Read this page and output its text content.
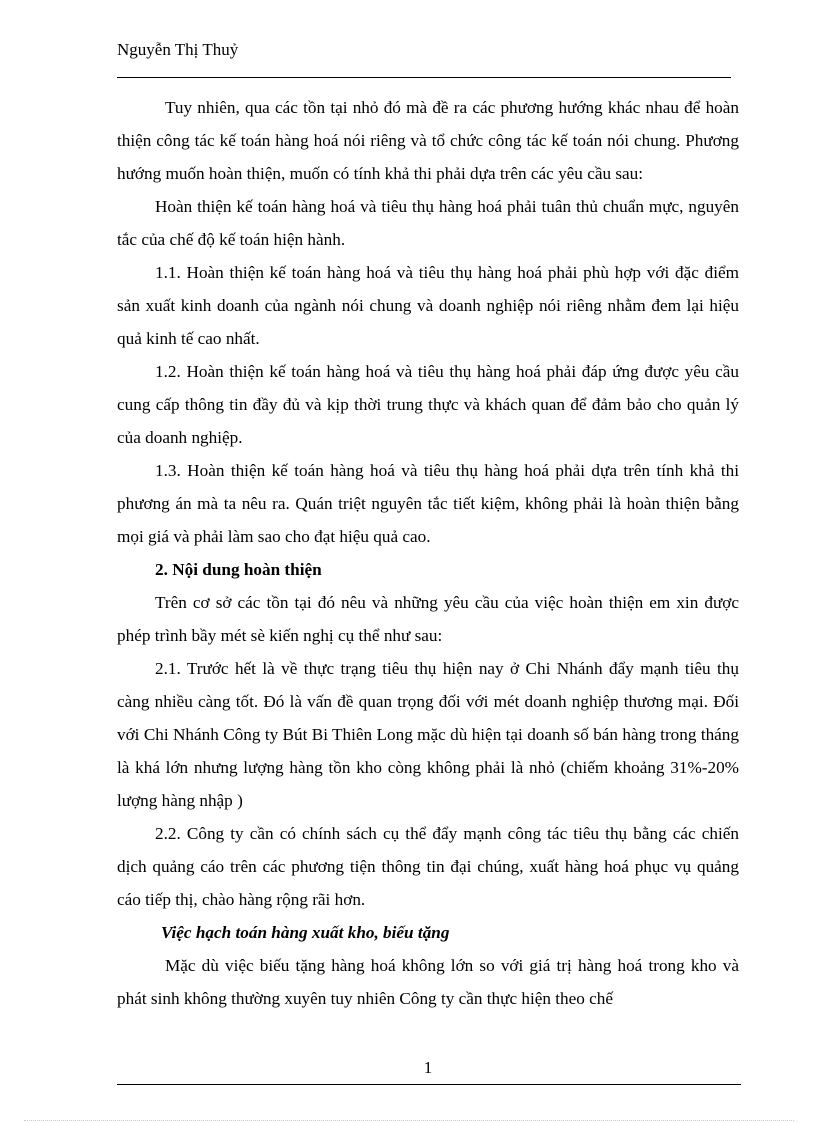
Nguyễn Thị Thuỷ

Tuy nhiên, qua các tồn tại nhỏ đó mà đề ra các phương hướng khác nhau để hoàn thiện công tác kế toán hàng hoá nói riêng và tổ chức công tác kế toán nói chung. Phương hướng muốn hoàn thiện, muốn có tính khả thi phải dựa trên các yêu cầu sau:

Hoàn thiện kế toán hàng hoá và tiêu thụ hàng hoá phải tuân thủ chuẩn mực, nguyên tắc của chế độ kế toán hiện hành.

1.1. Hoàn thiện kế toán hàng hoá và tiêu thụ hàng hoá phải phù hợp với đặc điểm sản xuất kinh doanh của ngành nói chung và doanh nghiệp nói riêng nhằm đem lại hiệu quả kinh tế cao nhất.

1.2. Hoàn thiện kế toán hàng hoá và tiêu thụ hàng hoá phải đáp ứng được yêu cầu cung cấp thông tin đầy đủ và kịp thời trung thực và khách quan để đảm bảo cho quản lý của doanh nghiệp.

1.3. Hoàn thiện kế toán hàng hoá và tiêu thụ hàng hoá phải dựa trên tính khả thi phương án mà ta nêu ra. Quán triệt nguyên tắc tiết kiệm, không phải là hoàn thiện bằng mọi giá và phải làm sao cho đạt hiệu quả cao.

2. Nội dung hoàn thiện

Trên cơ sở các tồn tại đó nêu và những yêu cầu của việc hoàn thiện em xin được phép trình bầy mét sè kiến nghị cụ thể như sau:

2.1. Trước hết là về thực trạng tiêu thụ hiện nay ở Chi Nhánh đẩy mạnh tiêu thụ càng nhiều càng tốt. Đó là vấn đề quan trọng đối với mét doanh nghiệp thương mại. Đối với Chi Nhánh Công ty Bút Bi Thiên Long mặc dù hiện tại doanh số bán hàng trong tháng là khá lớn nhưng lượng hàng tồn kho còng không phải là nhỏ (chiếm khoảng 31%-20% lượng hàng nhập )

2.2. Công ty cần có chính sách cụ thể đẩy mạnh công tác tiêu thụ bằng các chiến dịch quảng cáo trên các phương tiện thông tin đại chúng, xuất hàng hoá phục vụ quảng cáo tiếp thị, chào hàng rộng rãi hơn.

Việc hạch toán hàng xuất kho, biếu tặng

Mặc dù việc biếu tặng hàng hoá không lớn so với giá trị hàng hoá trong kho và phát sinh không thường xuyên tuy nhiên Công ty cần thực hiện theo chế

1
